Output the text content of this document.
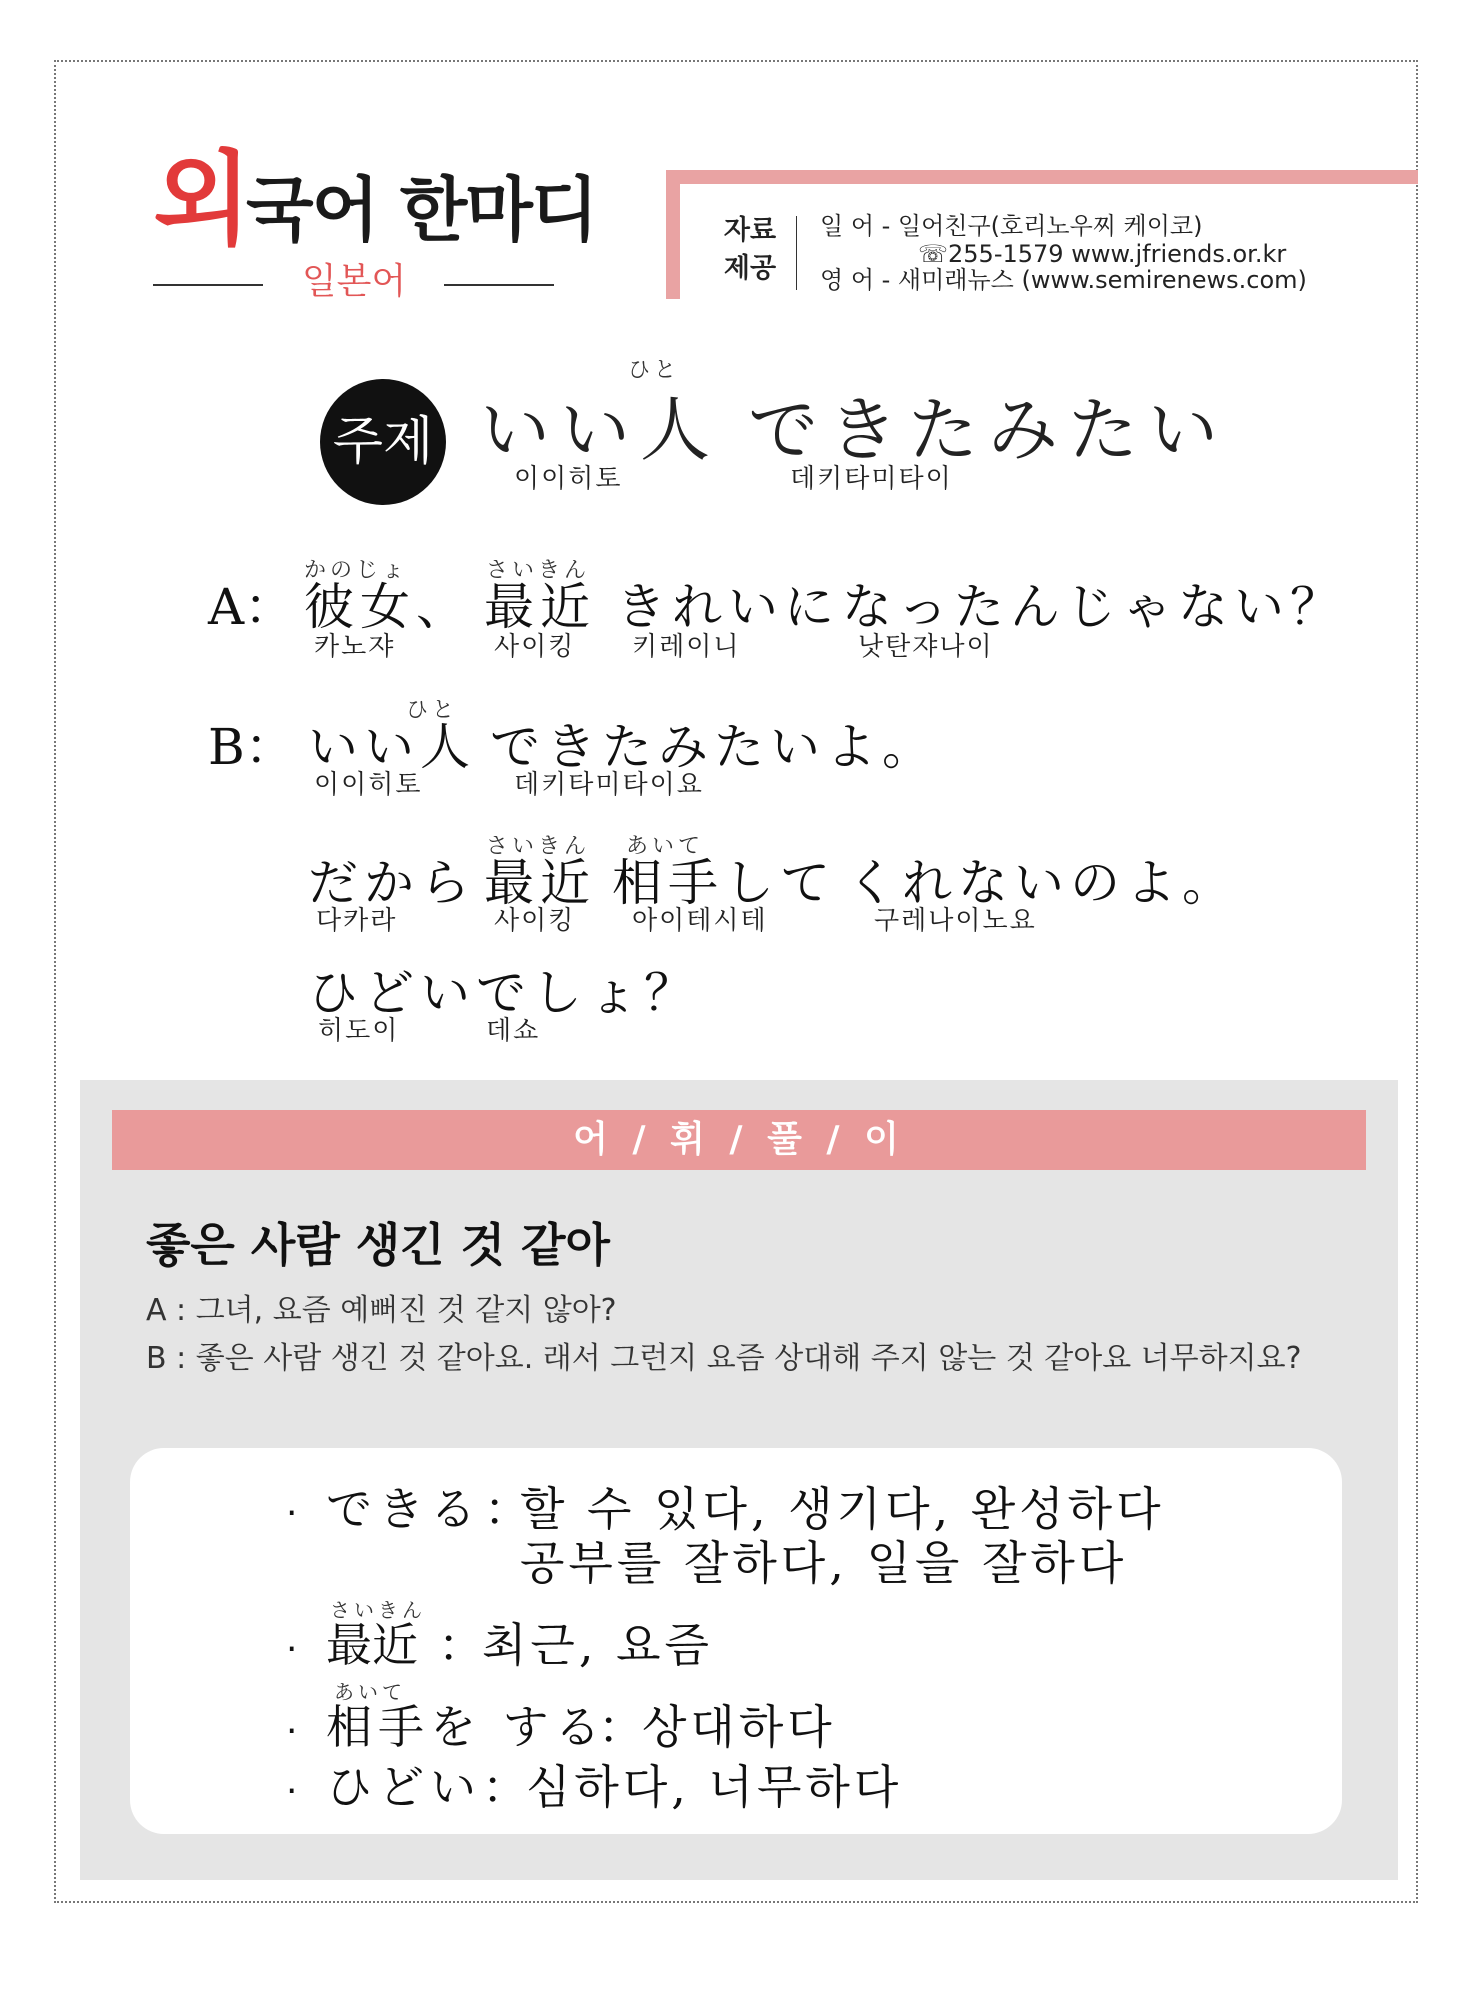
외
국어 한마디
일본어
자료
제공
일 어 - 일어친구(호리노우찌 케이코)
☏255-1579 www.jfriends.or.kr
영 어 - 새미래뉴스 (www.semirenews.com)
주제
ひと
いい人 できたみたい
이이히토	데키타미타이
A：
かのじょ
彼女、
카노쟈
さいきん
最近
사이킹
きれいに
키레이니
なったんじゃない？
낫탄쟈나이
B：
ひと
いい人
이이히토
できたみたいよ。
데키타미타이요
だから
다카라
さいきん
最近
사이킹
あいて
相手して
아이테시테
くれないのよ。
구레나이노요
ひどいでしょ？
히도이	데쇼
어 / 휘 / 풀 / 이
좋은 사람 생긴 것 같아
A : 그녀, 요즘 예뻐진 것 같지 않아?
B : 좋은 사람 생긴 것 같아요. 래서 그런지 요즘 상대해 주지 않는 것 같아요 너무하지요?
· できる ：
할 수 있다, 생기다, 완성하다
공부를 잘하다, 일을 잘하다
·
さいきん
最近 ：
최근, 요즘
·
あいて
相手を する
：
상대하다
· ひどい ：
심하다, 너무하다
